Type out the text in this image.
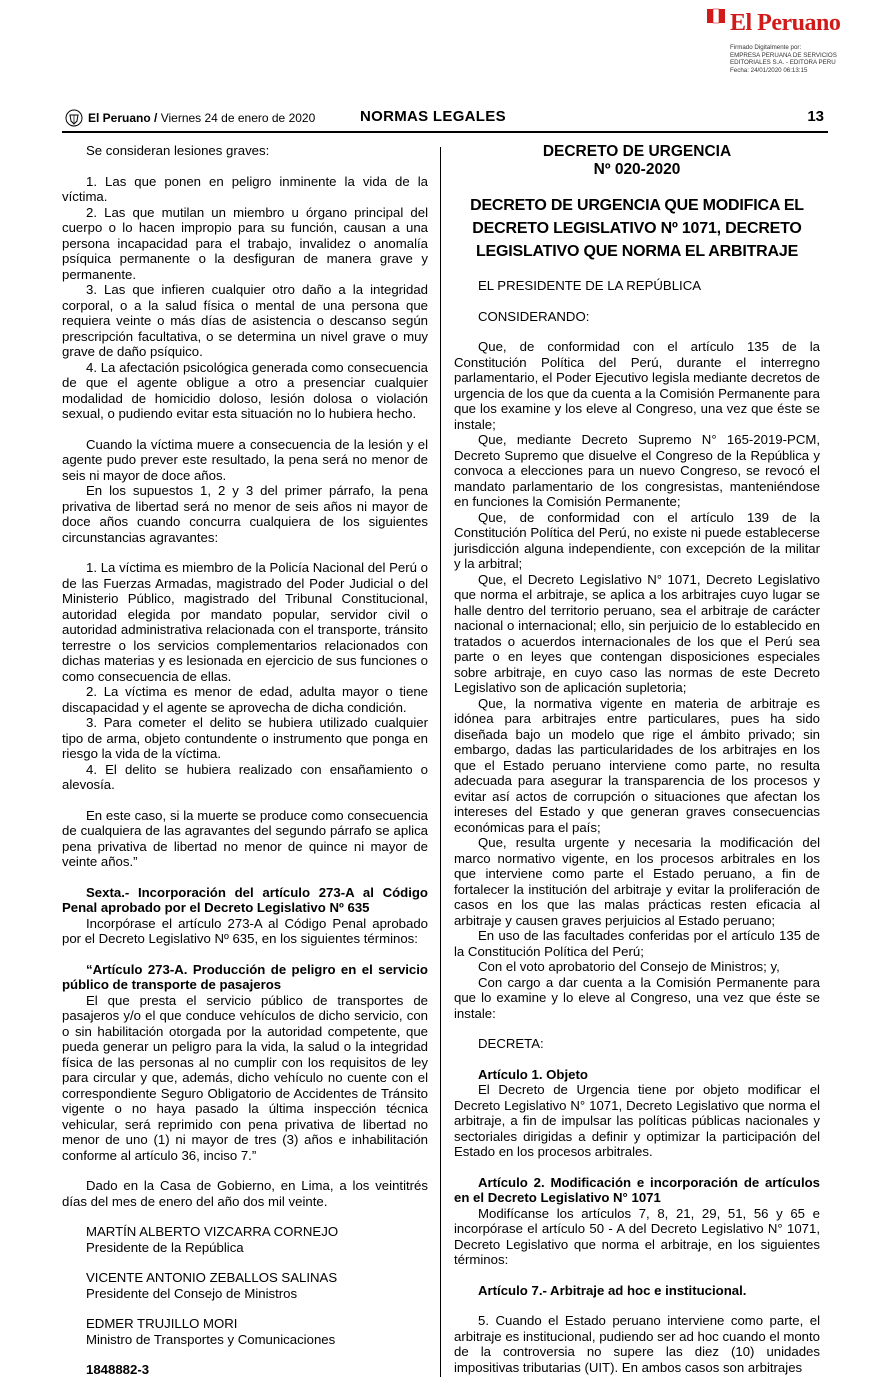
El Peruano
Firmado Digitalmente por:
EMPRESA PERUANA DE SERVICIOS
EDITORIALES S.A. - EDITORA PERU
Fecha: 24/01/2020 06:13:15
El Peruano / Viernes 24 de enero de 2020	NORMAS LEGALES	13
Se consideran lesiones graves:
1. Las que ponen en peligro inminente la vida de la víctima.
2. Las que mutilan un miembro u órgano principal del cuerpo o lo hacen impropio para su función, causan a una persona incapacidad para el trabajo, invalidez o anomalía psíquica permanente o la desfiguran de manera grave y permanente.
3. Las que infieren cualquier otro daño a la integridad corporal, o a la salud física o mental de una persona que requiera veinte o más días de asistencia o descanso según prescripción facultativa, o se determina un nivel grave o muy grave de daño psíquico.
4. La afectación psicológica generada como consecuencia de que el agente obligue a otro a presenciar cualquier modalidad de homicidio doloso, lesión dolosa o violación sexual, o pudiendo evitar esta situación no lo hubiera hecho.
Cuando la víctima muere a consecuencia de la lesión y el agente pudo prever este resultado, la pena será no menor de seis ni mayor de doce años.
En los supuestos 1, 2 y 3 del primer párrafo, la pena privativa de libertad será no menor de seis años ni mayor de doce años cuando concurra cualquiera de los siguientes circunstancias agravantes:
1. La víctima es miembro de la Policía Nacional del Perú o de las Fuerzas Armadas, magistrado del Poder Judicial o del Ministerio Público, magistrado del Tribunal Constitucional, autoridad elegida por mandato popular, servidor civil o autoridad administrativa relacionada con el transporte, tránsito terrestre o los servicios complementarios relacionados con dichas materias y es lesionada en ejercicio de sus funciones o como consecuencia de ellas.
2. La víctima es menor de edad, adulta mayor o tiene discapacidad y el agente se aprovecha de dicha condición.
3. Para cometer el delito se hubiera utilizado cualquier tipo de arma, objeto contundente o instrumento que ponga en riesgo la vida de la víctima.
4. El delito se hubiera realizado con ensañamiento o alevosía.
En este caso, si la muerte se produce como consecuencia de cualquiera de las agravantes del segundo párrafo se aplica pena privativa de libertad no menor de quince ni mayor de veinte años.”
Sexta.- Incorporación del artículo 273-A al Código Penal aprobado por el Decreto Legislativo Nº 635
Incorpórase el artículo 273-A al Código Penal aprobado por el Decreto Legislativo Nº 635, en los siguientes términos:
“Artículo 273-A. Producción de peligro en el servicio público de transporte de pasajeros
El que presta el servicio público de transportes de pasajeros y/o el que conduce vehículos de dicho servicio, con o sin habilitación otorgada por la autoridad competente, que pueda generar un peligro para la vida, la salud o la integridad física de las personas al no cumplir con los requisitos de ley para circular y que, además, dicho vehículo no cuente con el correspondiente Seguro Obligatorio de Accidentes de Tránsito vigente o no haya pasado la última inspección técnica vehicular, será reprimido con pena privativa de libertad no menor de uno (1) ni mayor de tres (3) años e inhabilitación conforme al artículo 36, inciso 7.”
Dado en la Casa de Gobierno, en Lima, a los veintitrés días del mes de enero del año dos mil veinte.
MARTÍN ALBERTO VIZCARRA CORNEJO
Presidente de la República
VICENTE ANTONIO ZEBALLOS SALINAS
Presidente del Consejo de Ministros
EDMER TRUJILLO MORI
Ministro de Transportes y Comunicaciones
1848882-3
DECRETO DE URGENCIA
Nº 020-2020
DECRETO DE URGENCIA QUE MODIFICA EL DECRETO LEGISLATIVO Nº 1071, DECRETO LEGISLATIVO QUE NORMA EL ARBITRAJE
EL PRESIDENTE DE LA REPÚBLICA
CONSIDERANDO:
Que, de conformidad con el artículo 135 de la Constitución Política del Perú, durante el interregno parlamentario, el Poder Ejecutivo legisla mediante decretos de urgencia de los que da cuenta a la Comisión Permanente para que los examine y los eleve al Congreso, una vez que éste se instale;
Que, mediante Decreto Supremo N° 165-2019-PCM, Decreto Supremo que disuelve el Congreso de la República y convoca a elecciones para un nuevo Congreso, se revocó el mandato parlamentario de los congresistas, manteniéndose en funciones la Comisión Permanente;
Que, de conformidad con el artículo 139 de la Constitución Política del Perú, no existe ni puede establecerse jurisdicción alguna independiente, con excepción de la militar y la arbitral;
Que, el Decreto Legislativo N° 1071, Decreto Legislativo que norma el arbitraje, se aplica a los arbitrajes cuyo lugar se halle dentro del territorio peruano, sea el arbitraje de carácter nacional o internacional; ello, sin perjuicio de lo establecido en tratados o acuerdos internacionales de los que el Perú sea parte o en leyes que contengan disposiciones especiales sobre arbitraje, en cuyo caso las normas de este Decreto Legislativo son de aplicación supletoria;
Que, la normativa vigente en materia de arbitraje es idónea para arbitrajes entre particulares, pues ha sido diseñada bajo un modelo que rige el ámbito privado; sin embargo, dadas las particularidades de los arbitrajes en los que el Estado peruano interviene como parte, no resulta adecuada para asegurar la transparencia de los procesos y evitar así actos de corrupción o situaciones que afectan los intereses del Estado y que generan graves consecuencias económicas para el país;
Que, resulta urgente y necesaria la modificación del marco normativo vigente, en los procesos arbitrales en los que interviene como parte el Estado peruano, a fin de fortalecer la institución del arbitraje y evitar la proliferación de casos en los que las malas prácticas resten eficacia al arbitraje y causen graves perjuicios al Estado peruano;
En uso de las facultades conferidas por el artículo 135 de la Constitución Política del Perú;
Con el voto aprobatorio del Consejo de Ministros; y,
Con cargo a dar cuenta a la Comisión Permanente para que lo examine y lo eleve al Congreso, una vez que éste se instale:
DECRETA:
Artículo 1. Objeto
El Decreto de Urgencia tiene por objeto modificar el Decreto Legislativo N° 1071, Decreto Legislativo que norma el arbitraje, a fin de impulsar las políticas públicas nacionales y sectoriales dirigidas a definir y optimizar la participación del Estado en los procesos arbitrales.
Artículo 2. Modificación e incorporación de artículos en el Decreto Legislativo N° 1071
Modifícanse los artículos 7, 8, 21, 29, 51, 56 y 65 e incorpórase el artículo 50 - A del Decreto Legislativo N° 1071, Decreto Legislativo que norma el arbitraje, en los siguientes términos:
Artículo 7.- Arbitraje ad hoc e institucional.
5. Cuando el Estado peruano interviene como parte, el arbitraje es institucional, pudiendo ser ad hoc cuando el monto de la controversia no supere las diez (10) unidades impositivas tributarias (UIT). En ambos casos son arbitrajes
